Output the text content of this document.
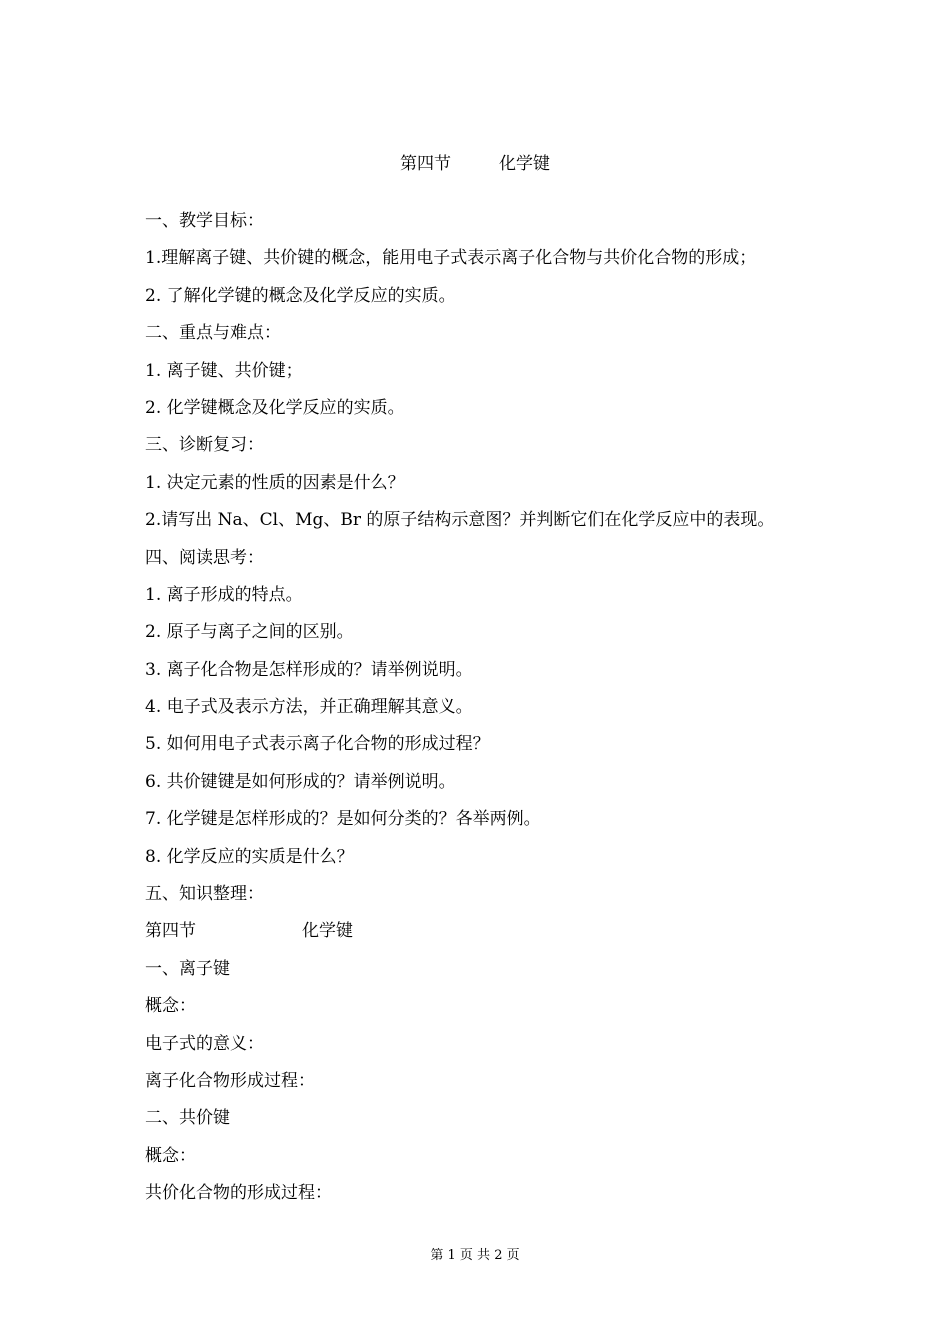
第四节	化学键
一、教学目标：
1.理解离子键、共价键的概念，能用电子式表示离子化合物与共价化合物的形成；
2. 了解化学键的概念及化学反应的实质。
二、重点与难点：
1. 离子键、共价键；
2. 化学键概念及化学反应的实质。
三、诊断复习：
1. 决定元素的性质的因素是什么？
2.请写出 Na、Cl、Mg、Br 的原子结构示意图？并判断它们在化学反应中的表现。
四、阅读思考：
1. 离子形成的特点。
2. 原子与离子之间的区别。
3. 离子化合物是怎样形成的？请举例说明。
4. 电子式及表示方法，并正确理解其意义。
5. 如何用电子式表示离子化合物的形成过程？
6. 共价键键是如何形成的？请举例说明。
7. 化学键是怎样形成的？是如何分类的？各举两例。
8. 化学反应的实质是什么？
五、知识整理：
第四节	化学键
一、离子键
概念：
电子式的意义：
离子化合物形成过程：
二、共价键
概念：
共价化合物的形成过程：
第 1 页 共 2 页
